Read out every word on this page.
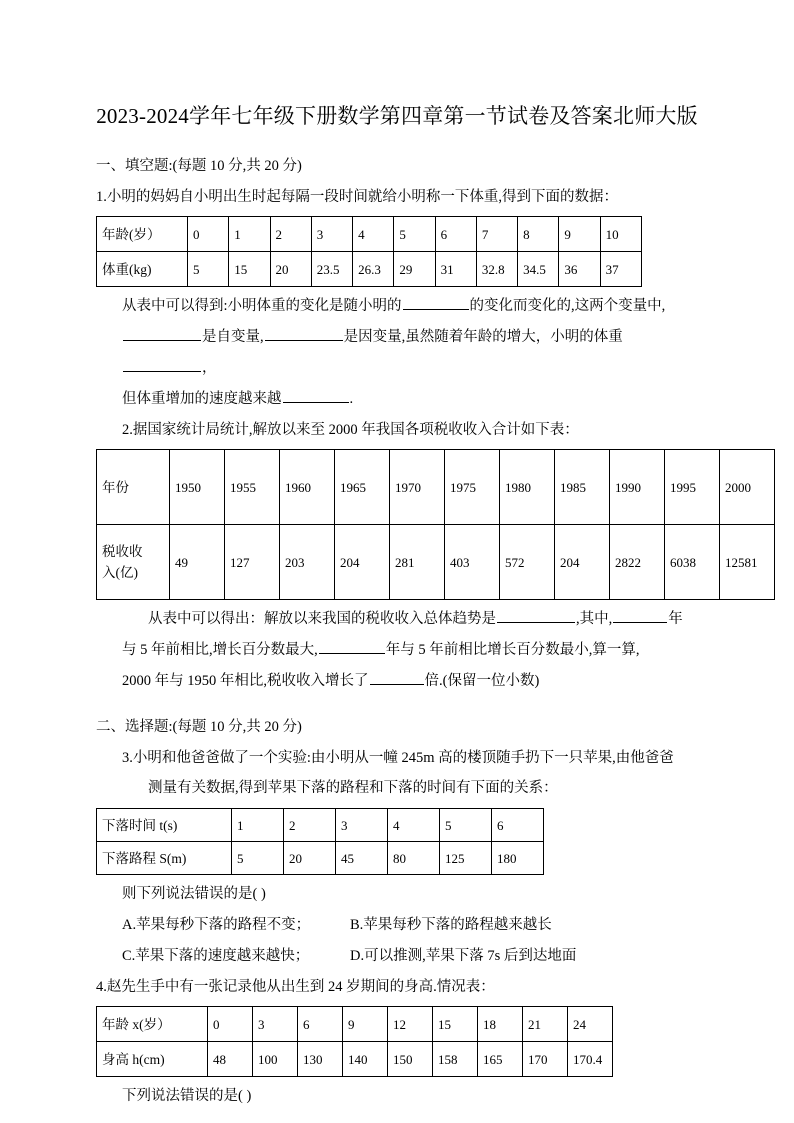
2023-2024学年七年级下册数学第四章第一节试卷及答案北师大版
一、填空题:(每题 10 分,共 20 分)
1.小明的妈妈自小明出生时起每隔一段时间就给小明称一下体重,得到下面的数据：
年龄(岁）	0	1	2	3	4	5	6	7	8	9	10
体重(kg)	5	15	20	23.5	26.3	29	31	32.8	34.5	36	37
从表中可以得到:小明体重的变化是随小明的	的变化而变化的,这两个变量中,
是自变量,	是因变量,虽然随着年龄的增大，小明的体重，
但体重增加的速度越来越	.
2.据国家统计局统计,解放以来至 2000 年我国各项税收收入合计如下表：
年份	1950	1955	1960	1965	1970	1975	1980	1985	1990	1995	2000
税收收
入(亿)	49	127	203	204	281	403	572	204	2822	6038	12581
从表中可以得出：解放以来我国的税收收入总体趋势是	,其中,	年
与 5 年前相比,增长百分数最大,	年与 5 年前相比增长百分数最小,算一算,
2000 年与 1950 年相比,税收收入增长了	倍.(保留一位小数)
二、选择题:(每题 10 分,共 20 分)
3.小明和他爸爸做了一个实验:由小明从一幢 245m 高的楼顶随手扔下一只苹果,由他爸爸
测量有关数据,得到苹果下落的路程和下落的时间有下面的关系：
下落时间 t(s)	1	2	3	4	5	6
下落路程 S(m)	5	20	45	80	125	180
则下列说法错误的是( )
A.苹果每秒下落的路程不变；	B.苹果每秒下落的路程越来越长
C.苹果下落的速度越来越快；	D.可以推测,苹果下落 7s 后到达地面
4.赵先生手中有一张记录他从出生到 24 岁期间的身高.情况表：
年龄 x(岁）	0	3	6	9	12	15	18	21	24
身高 h(cm)	48	100	130	140	150	158	165	170	170.4
下列说法错误的是( )
